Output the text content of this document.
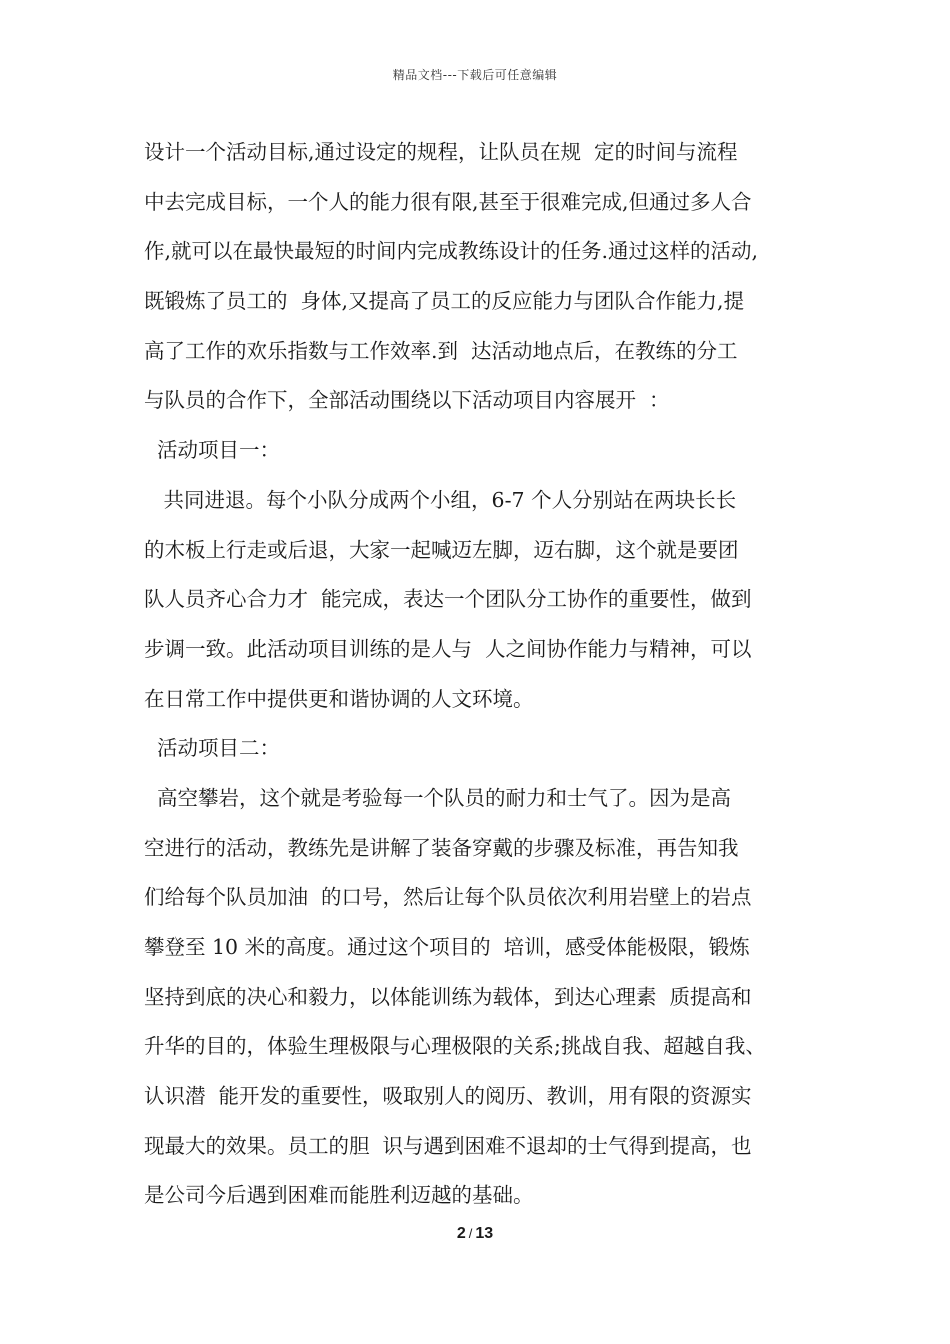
精品文档---下载后可任意编辑
设计一个活动目标,通过设定的规程，让队员在规  定的时间与流程
中去完成目标，一个人的能力很有限,甚至于很难完成,但通过多人合
作,就可以在最快最短的时间内完成教练设计的任务.通过这样的活动,
既锻炼了员工的  身体,又提高了员工的反应能力与团队合作能力,提
高了工作的欢乐指数与工作效率.到  达活动地点后，在教练的分工
与队员的合作下，全部活动围绕以下活动项目内容展开  ：
活动项目一：
共同进退。每个小队分成两个小组，6-7 个人分别站在两块长长
的木板上行走或后退，大家一起喊迈左脚，迈右脚，这个就是要团
队人员齐心合力才  能完成，表达一个团队分工协作的重要性，做到
步调一致。此活动项目训练的是人与  人之间协作能力与精神，可以
在日常工作中提供更和谐协调的人文环境。
活动项目二：
高空攀岩，这个就是考验每一个队员的耐力和士气了。因为是高
空进行的活动，教练先是讲解了装备穿戴的步骤及标准，再告知我
们给每个队员加油  的口号，然后让每个队员依次利用岩壁上的岩点
攀登至 10 米的高度。通过这个项目的  培训，感受体能极限，锻炼
坚持到底的决心和毅力，以体能训练为载体，到达心理素  质提高和
升华的目的，体验生理极限与心理极限的关系;挑战自我、超越自我、
认识潜  能开发的重要性，吸取别人的阅历、教训，用有限的资源实
现最大的效果。员工的胆  识与遇到困难不退却的士气得到提高，也
是公司今后遇到困难而能胜利迈越的基础。
2 / 13
